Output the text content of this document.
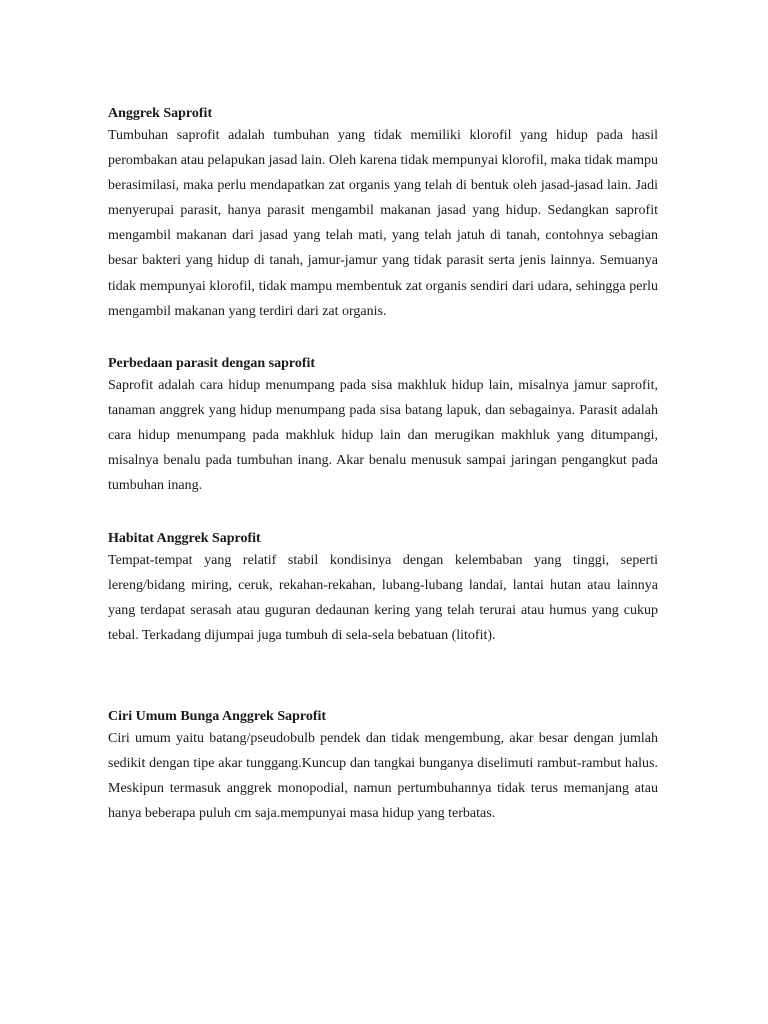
Anggrek Saprofit

Tumbuhan saprofit adalah tumbuhan yang tidak memiliki klorofil yang hidup pada hasil perombakan atau pelapukan jasad lain. Oleh karena tidak mempunyai klorofil, maka tidak mampu berasimilasi, maka perlu mendapatkan zat organis yang telah di bentuk oleh jasad-jasad lain. Jadi menyerupai parasit, hanya parasit mengambil makanan jasad yang hidup. Sedangkan saprofit mengambil makanan dari jasad yang telah mati, yang telah jatuh di tanah, contohnya sebagian besar bakteri yang hidup di tanah, jamur-jamur yang tidak parasit serta jenis lainnya. Semuanya tidak mempunyai klorofil, tidak mampu membentuk zat organis sendiri dari udara, sehingga perlu mengambil makanan yang terdiri dari zat organis.

Perbedaan parasit dengan saprofit

Saprofit adalah cara hidup menumpang pada sisa makhluk hidup lain, misalnya jamur saprofit, tanaman anggrek yang hidup menumpang pada sisa batang lapuk, dan sebagainya. Parasit adalah cara hidup menumpang pada makhluk hidup lain dan merugikan makhluk yang ditumpangi, misalnya benalu pada tumbuhan inang. Akar benalu menusuk sampai jaringan pengangkut pada tumbuhan inang.

Habitat Anggrek Saprofit

Tempat-tempat yang relatif stabil kondisinya dengan kelembaban yang tinggi, seperti lereng/bidang miring, ceruk, rekahan-rekahan, lubang-lubang landai, lantai hutan atau lainnya yang terdapat serasah atau guguran dedaunan kering yang telah terurai atau humus yang cukup tebal. Terkadang dijumpai juga tumbuh di sela-sela bebatuan (litofit).

Ciri Umum Bunga Anggrek Saprofit

Ciri umum yaitu batang/pseudobulb pendek dan tidak mengembung, akar besar dengan jumlah sedikit dengan tipe akar tunggang.Kuncup dan tangkai bunganya diselimuti rambut-rambut halus. Meskipun termasuk anggrek monopodial, namun pertumbuhannya tidak terus memanjang atau hanya beberapa puluh cm saja.mempunyai masa hidup yang terbatas.
